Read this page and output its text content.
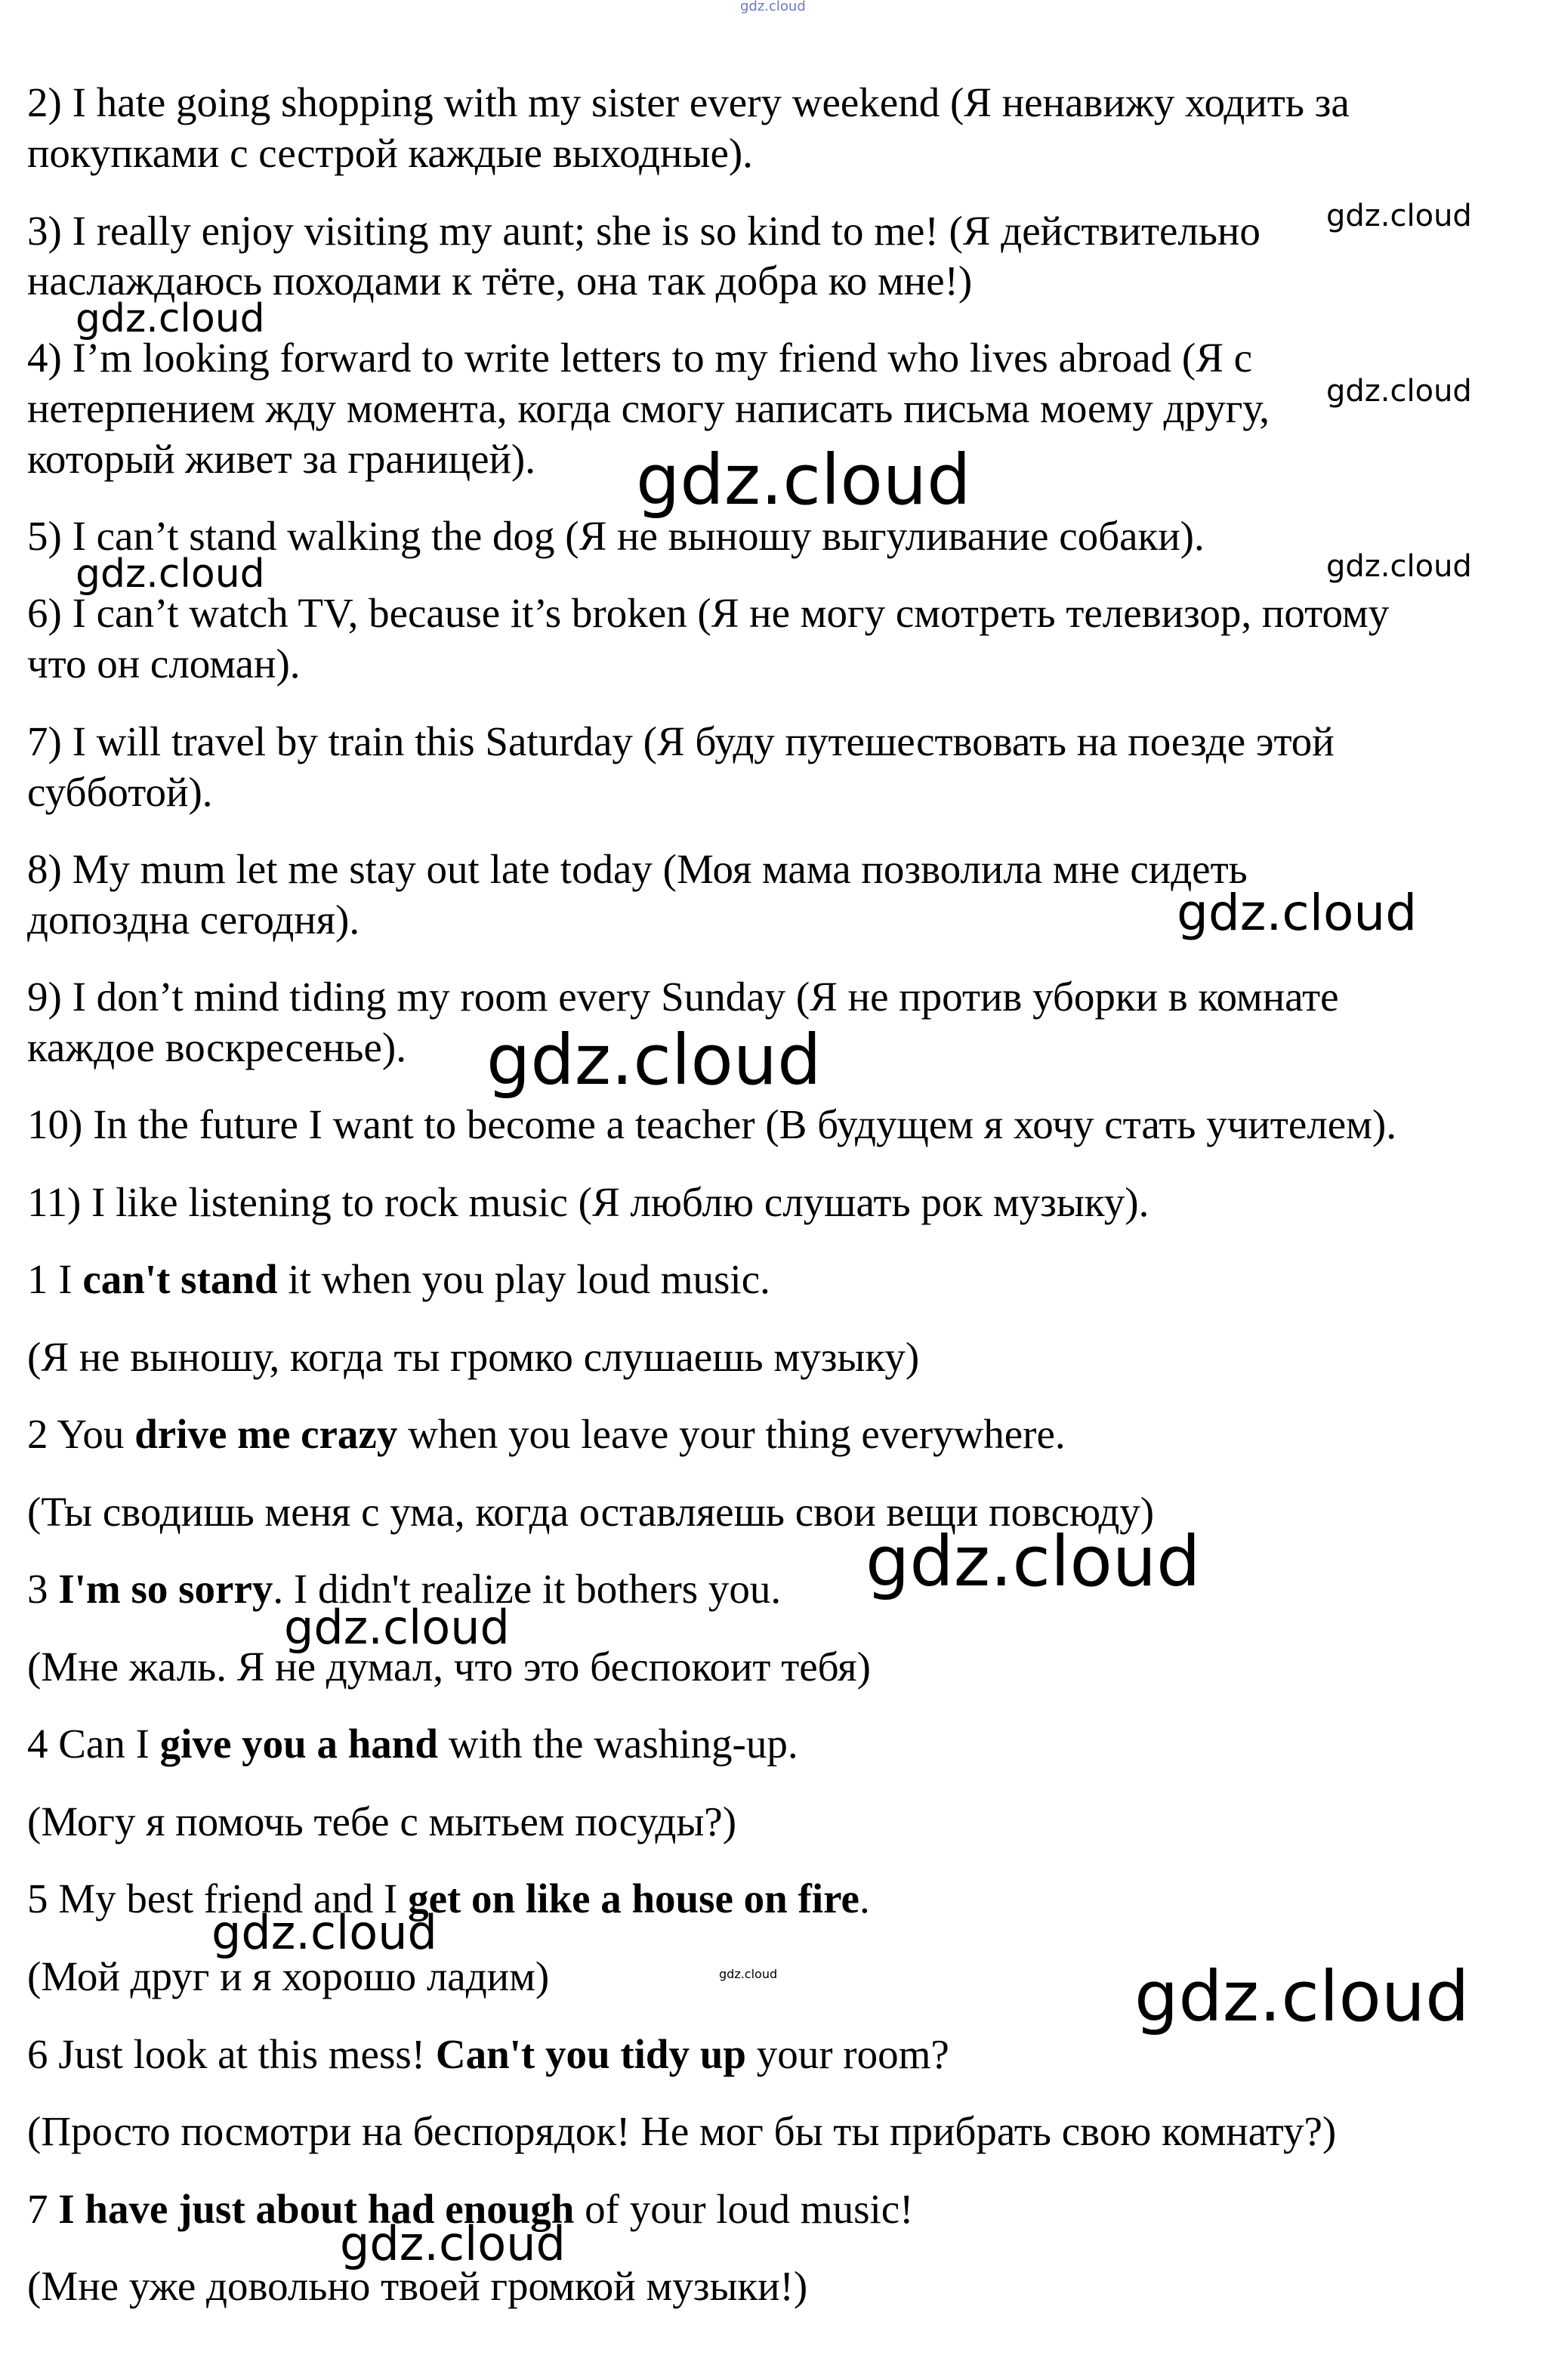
2) I hate going shopping with my sister every weekend (Я ненавижу ходить за

покупками с сестрой каждые выходные).

3) I really enjoy visiting my aunt; she is so kind to me! (Я действительно

наслаждаюсь походами к тёте, она так добра ко мне!)

4) I’m looking forward to write letters to my friend who lives abroad (Я с

нетерпением жду момента, когда смогу написать письма моему другу,

который живет за границей).

5) I can’t stand walking the dog (Я не выношу выгуливание собаки).

6) I can’t watch TV, because it’s broken (Я не могу смотреть телевизор, потому

что он сломан).

7) I will travel by train this Saturday (Я буду путешествовать на поезде этой

субботой).

8) My mum let me stay out late today (Моя мама позволила мне сидеть

допоздна сегодня).

9) I don’t mind tiding my room every Sunday (Я не против уборки в комнате

каждое воскресенье).

10) In the future I want to become a teacher (В будущем я хочу стать учителем).

11) I like listening to rock music (Я люблю слушать рок музыку).

1 I can't stand it when you play loud music.

(Я не выношу, когда ты громко слушаешь музыку)

2 You drive me crazy when you leave your thing everywhere.

(Ты сводишь меня с ума, когда оставляешь свои вещи повсюду)

3 I'm so sorry. I didn't realize it bothers you.

(Мне жаль. Я не думал, что это беспокоит тебя)

4 Can I give you a hand with the washing-up.

(Могу я помочь тебе с мытьем посуды?)

5 My best friend and I get on like a house on fire.

(Мой друг и я хорошо ладим)

6 Just look at this mess! Can't you tidy up your room?

(Просто посмотри на беспорядок! Не мог бы ты прибрать свою комнату?)

7 I have just about had enough of your loud music!

(Мне уже довольно твоей громкой музыки!)

gdz.cloud
gdz.cloud
gdz.cloud
gdz.cloud
gdz.cloud
gdz.cloud	gdz.cloud
gdz.cloud
gdz.cloud
gdz.cloud
gdz.cloud
gdz.cloud
gdz.cloud	gdz.cloud
gdz.cloud
